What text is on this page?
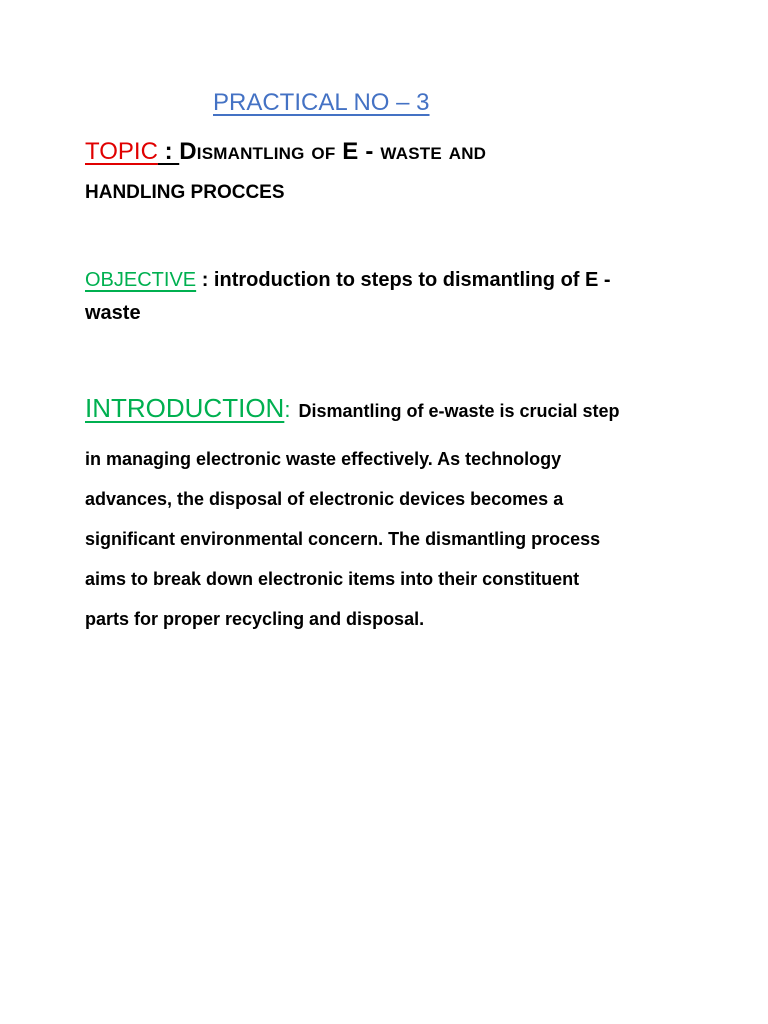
PRACTICAL NO – 3
TOPIC : Dismantling of E - waste and
HANDLING PROCCES
OBJECTIVE : introduction to steps to dismantling of E - waste
INTRODUCTION: Dismantling of e-waste is crucial step
in managing electronic waste effectively. As technology
advances, the disposal of electronic devices becomes a
significant environmental concern. The dismantling process
aims to break down electronic items into their constituent
parts for proper recycling and disposal.
